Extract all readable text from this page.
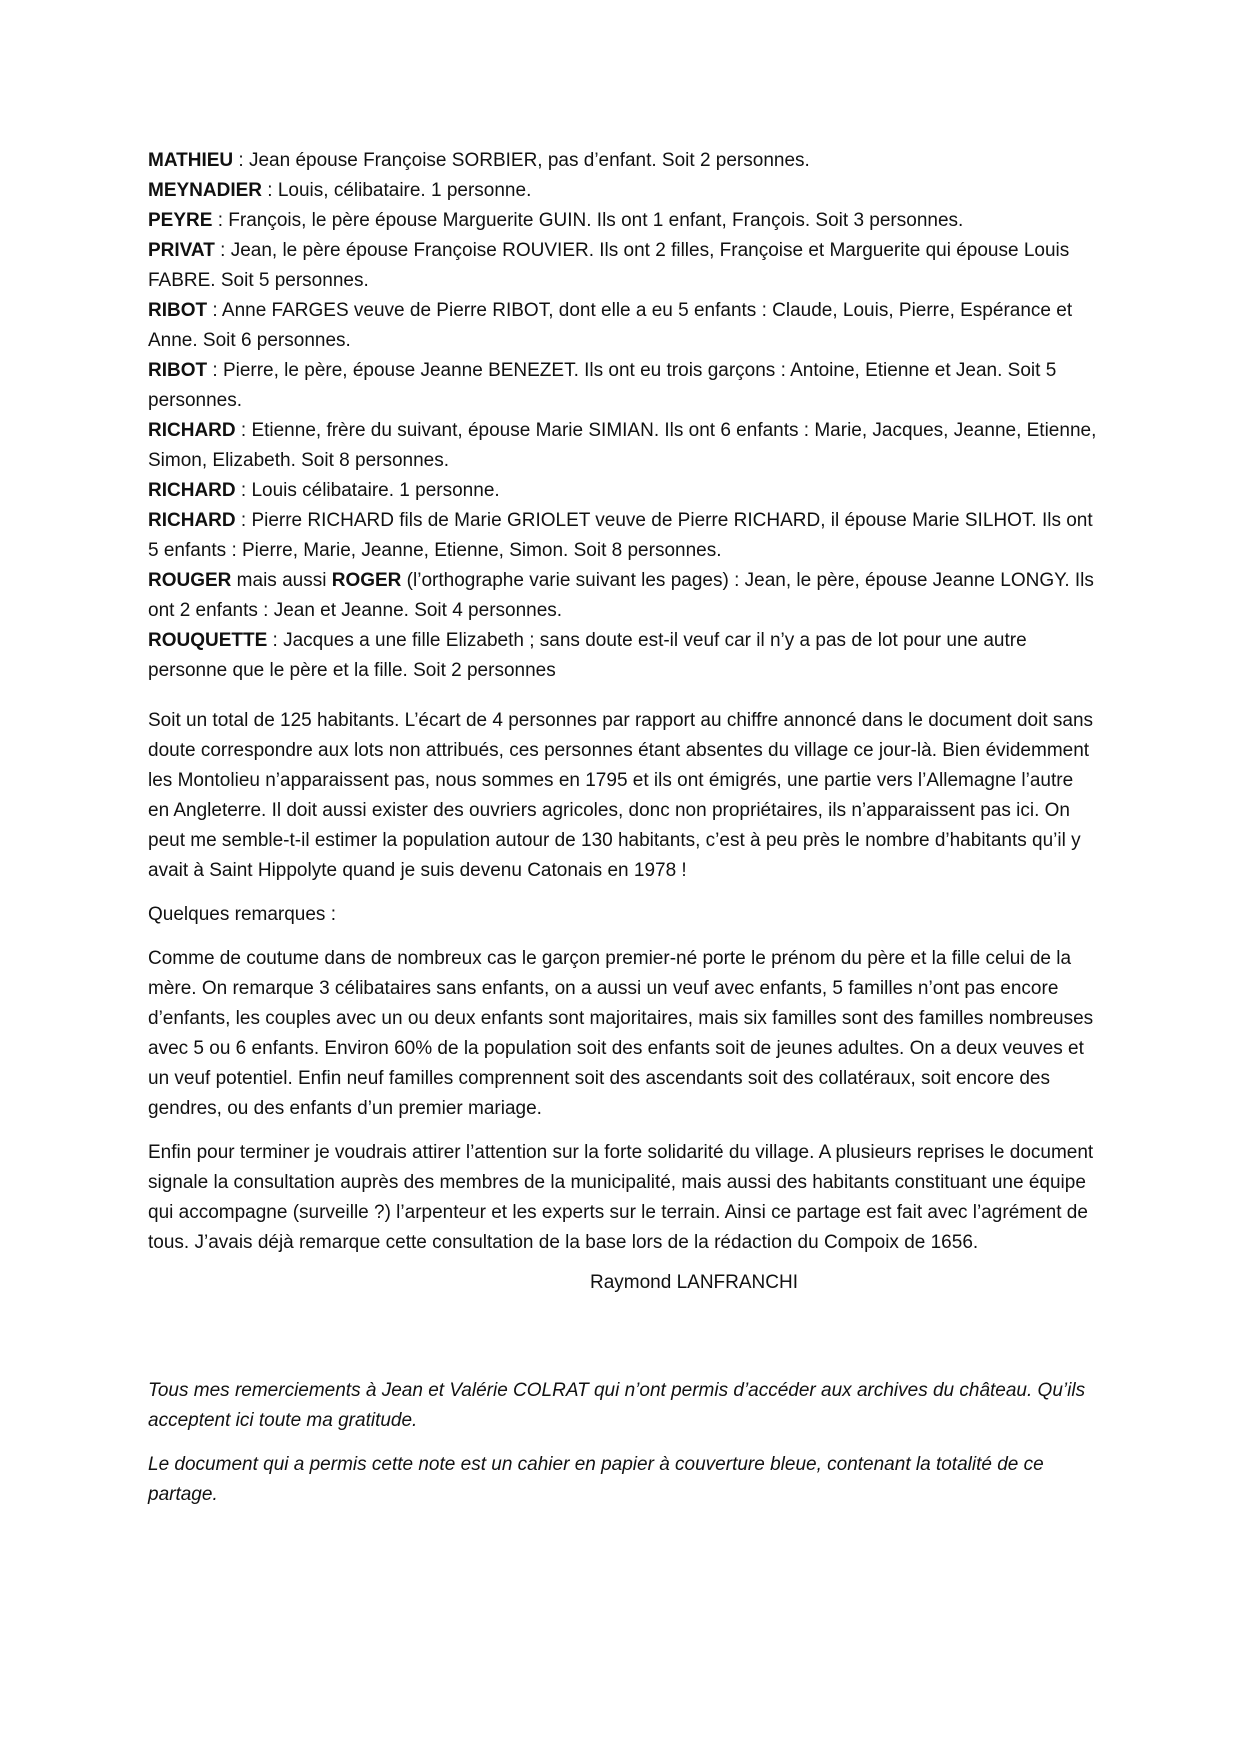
MATHIEU : Jean épouse Françoise SORBIER, pas d’enfant. Soit 2 personnes.

MEYNADIER : Louis, célibataire. 1 personne.

PEYRE : François, le père épouse Marguerite GUIN. Ils ont 1 enfant, François. Soit 3 personnes.

PRIVAT : Jean, le père épouse Françoise ROUVIER. Ils ont 2 filles, Françoise et Marguerite qui épouse Louis FABRE. Soit 5 personnes.

RIBOT : Anne FARGES veuve de Pierre RIBOT, dont elle a eu 5 enfants : Claude, Louis, Pierre, Espérance et Anne. Soit 6 personnes.

RIBOT : Pierre, le père, épouse Jeanne BENEZET. Ils ont eu trois garçons : Antoine, Etienne et Jean. Soit 5 personnes.

RICHARD : Etienne, frère du suivant, épouse Marie SIMIAN. Ils ont 6 enfants : Marie, Jacques, Jeanne, Etienne, Simon, Elizabeth. Soit 8 personnes.

RICHARD : Louis célibataire. 1 personne.

RICHARD : Pierre RICHARD fils de Marie GRIOLET veuve de Pierre RICHARD, il épouse Marie SILHOT. Ils ont 5 enfants : Pierre, Marie, Jeanne, Etienne, Simon. Soit 8 personnes.

ROUGER mais aussi ROGER (l’orthographe varie suivant les pages) : Jean, le père, épouse Jeanne LONGY. Ils ont 2 enfants : Jean et Jeanne. Soit 4 personnes.

ROUQUETTE : Jacques a une fille Elizabeth ; sans doute est-il veuf car il n’y a pas de lot pour une autre personne que le père et la fille. Soit 2 personnes

Soit un total de 125 habitants. L’écart de 4 personnes par rapport au chiffre annoncé dans le document doit sans doute correspondre aux lots non attribués, ces personnes étant absentes du village ce jour-là. Bien évidemment les Montolieu n’apparaissent pas, nous sommes en 1795 et ils ont émigrés, une partie vers l’Allemagne l’autre en Angleterre. Il doit aussi exister des ouvriers agricoles, donc non propriétaires, ils n’apparaissent pas ici. On peut me semble-t-il estimer la population autour de 130 habitants, c’est à peu près le nombre d’habitants qu’il y avait à Saint Hippolyte quand je suis devenu Catonais en 1978 !

Quelques remarques :

Comme de coutume dans de nombreux cas le garçon premier-né porte le prénom du père et la fille celui de la mère. On remarque 3 célibataires sans enfants, on a aussi un veuf avec enfants, 5 familles n’ont pas encore d’enfants, les couples avec un ou deux enfants sont majoritaires, mais six familles sont des familles nombreuses avec 5 ou 6 enfants. Environ 60% de la population soit des enfants soit de jeunes adultes. On a deux veuves et un veuf potentiel. Enfin neuf familles comprennent soit des ascendants soit des collatéraux, soit encore des gendres, ou des enfants d’un premier mariage.

Enfin pour terminer je voudrais attirer l’attention sur la forte solidarité du village. A plusieurs reprises le document signale la consultation auprès des membres de la municipalité, mais aussi des habitants constituant une équipe qui accompagne (surveille ?) l’arpenteur et les experts sur le terrain. Ainsi ce partage est fait avec l’agrément de tous. J’avais déjà remarque cette consultation de la base lors de la rédaction du Compoix de 1656.

Raymond LANFRANCHI

Tous mes remerciements à Jean et Valérie COLRAT qui n’ont permis d’accéder aux archives du château. Qu’ils acceptent ici toute ma gratitude.

Le document qui a permis cette note est un cahier en papier à couverture bleue, contenant la totalité de ce partage.
